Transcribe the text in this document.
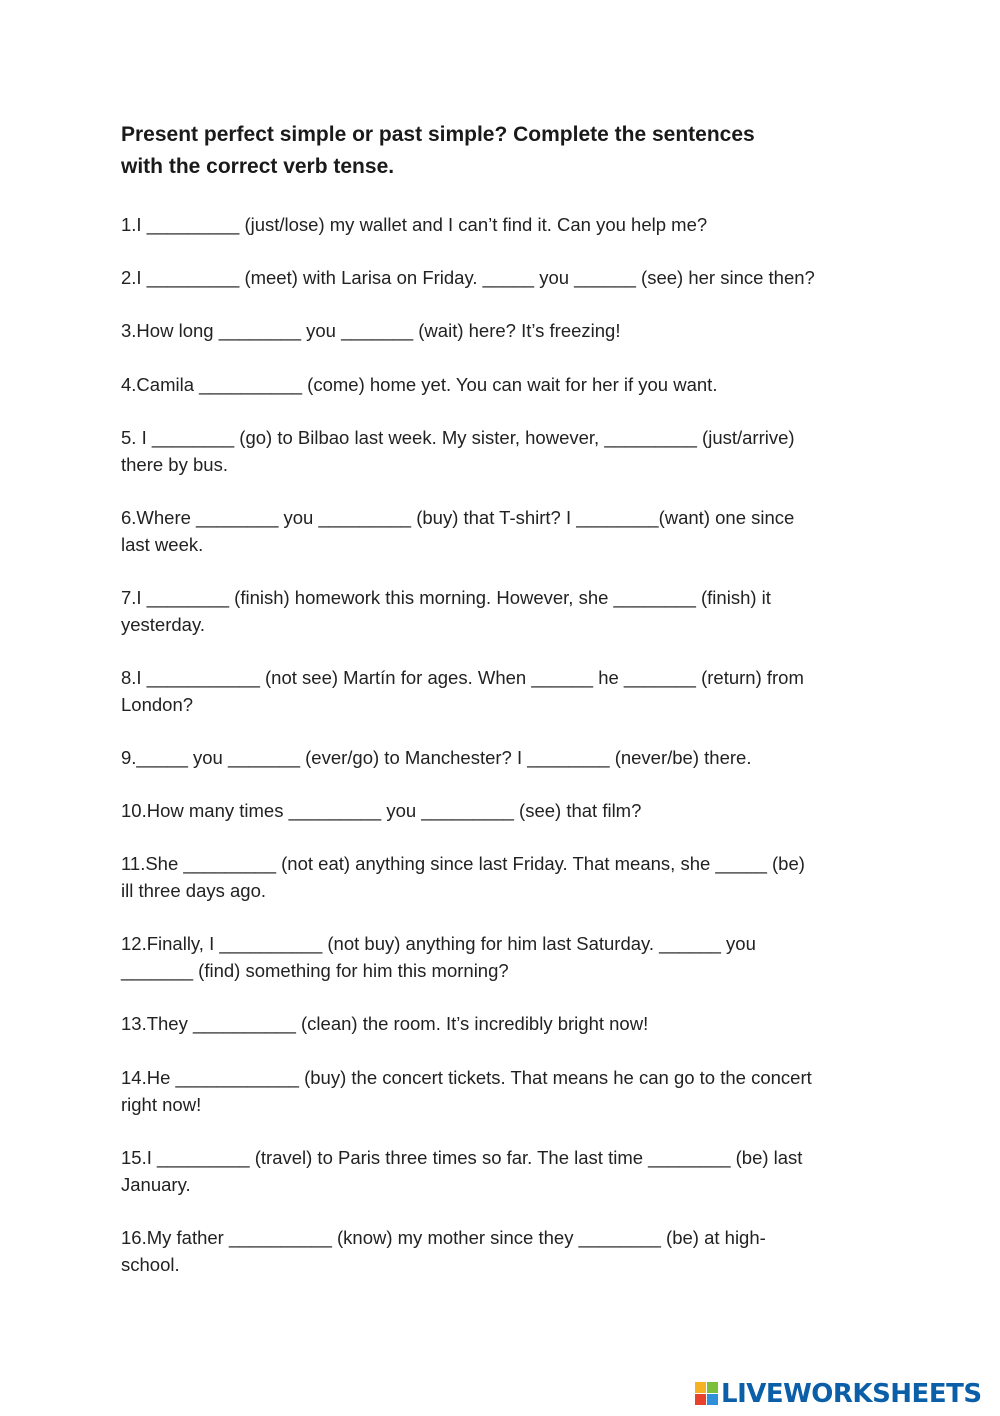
Present perfect simple or past simple? Complete the sentences
with the correct verb tense.

1.I _________ (just/lose) my wallet and I can’t find it. Can you help me?

2.I _________ (meet) with Larisa on Friday. _____ you ______ (see) her since then?

3.How long ________ you _______ (wait) here? It’s freezing!

4.Camila __________ (come) home yet. You can wait for her if you want.

5. I ________ (go) to Bilbao last week. My sister, however, _________ (just/arrive)
there by bus.

6.Where ________ you _________ (buy) that T-shirt? I ________(want) one since
last week.

7.I ________ (finish) homework this morning. However, she ________ (finish) it
yesterday.

8.I ___________ (not see) Martín for ages. When ______ he _______ (return) from
London?

9._____ you _______ (ever/go) to Manchester? I ________ (never/be) there.

10.How many times _________ you _________ (see) that film?

11.She _________ (not eat) anything since last Friday. That means, she _____ (be)
ill three days ago.

12.Finally, I __________ (not buy) anything for him last Saturday. ______ you
_______ (find) something for him this morning?

13.They __________ (clean) the room. It’s incredibly bright now!

14.He ____________ (buy) the concert tickets. That means he can go to the concert
right now!

15.I _________ (travel) to Paris three times so far. The last time ________ (be) last
January.

16.My father __________ (know) my mother since they ________ (be) at high-
school.

LIVEWORKSHEETS
